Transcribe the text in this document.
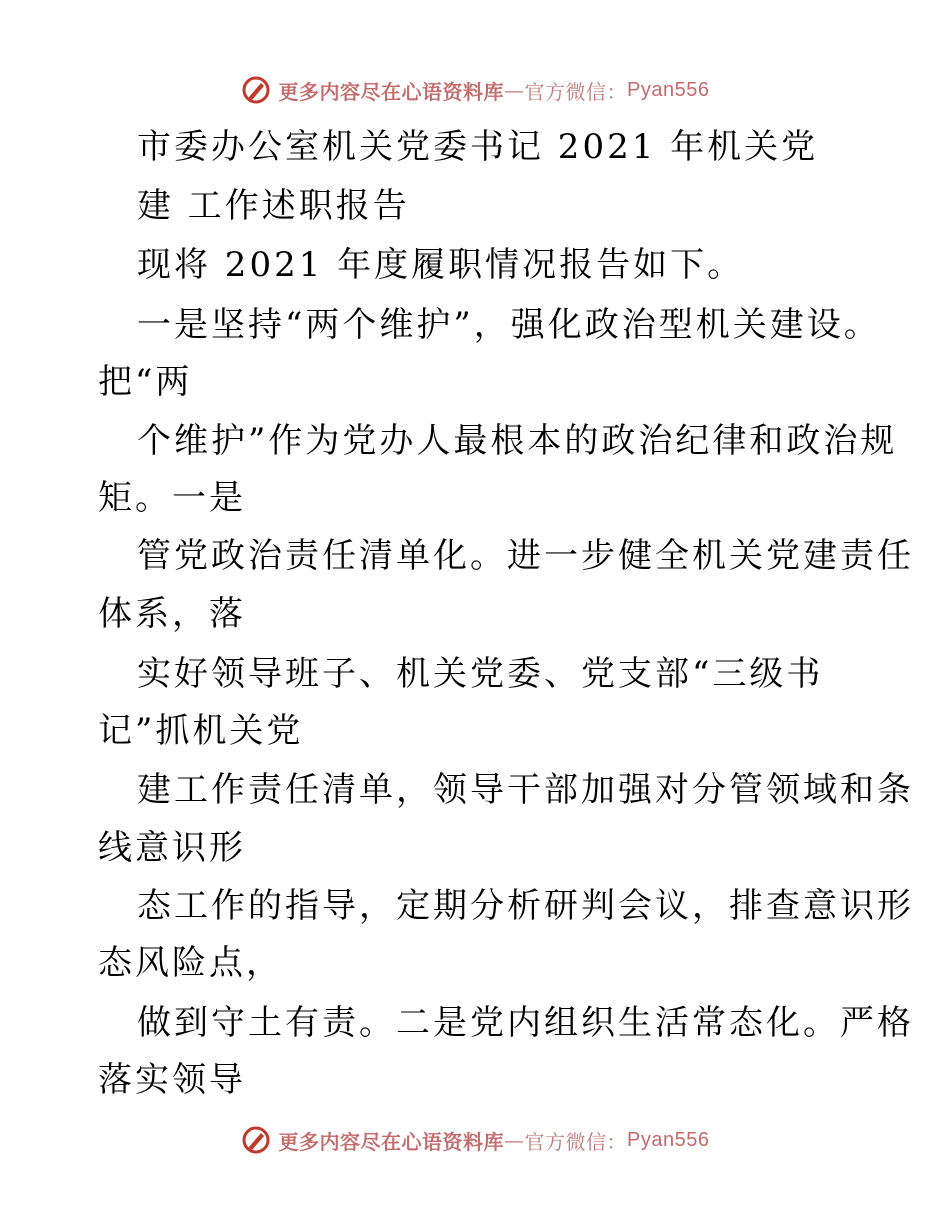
更多内容尽在心语资料库 — 官方微信： Pyan556
市委办公室机关党委书记 2021 年机关党
建 工作述职报告
现将 2021 年度履职情况报告如下。
一是坚持“两个维护”，强化政治型机关建设。
把“两
个维护”作为党办人最根本的政治纪律和政治规
矩。一是
管党政治责任清单化。进一步健全机关党建责任
体系，落
实好领导班子、机关党委、党支部“三级书
记”抓机关党
建工作责任清单，领导干部加强对分管领域和条
线意识形
态工作的指导，定期分析研判会议，排查意识形
态风险点，
做到守土有责。二是党内组织生活常态化。严格
落实领导
更多内容尽在心语资料库 — 官方微信： Pyan556
